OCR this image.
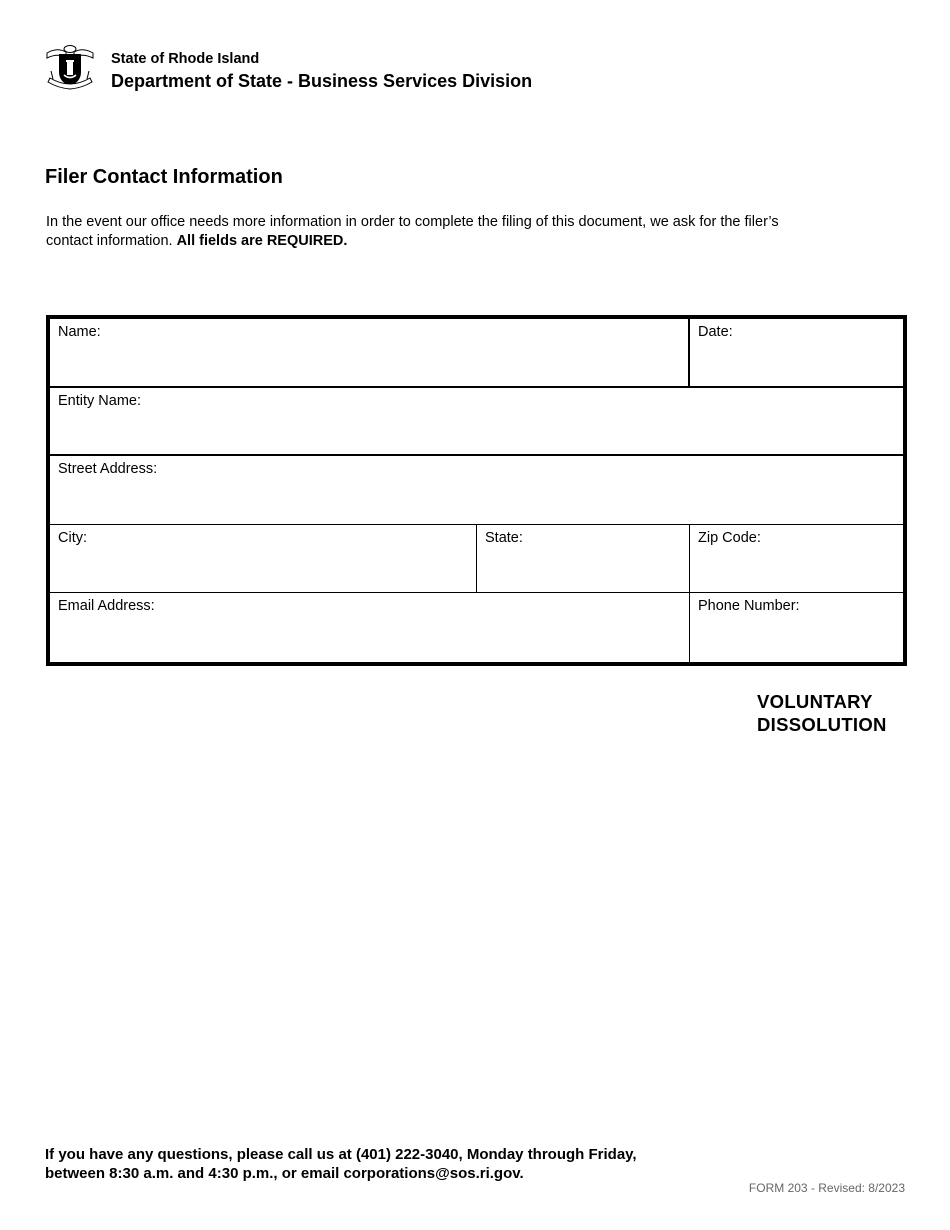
State of Rhode Island
Department of State - Business Services Division
Filer Contact Information
In the event our office needs more information in order to complete the filing of this document, we ask for the filer’s contact information. All fields are REQUIRED.
Name:	Date:
Entity Name:
Street Address:
City:	State:	Zip Code:
Email Address:	Phone Number:
VOLUNTARY
DISSOLUTION
If you have any questions, please call us at (401) 222-3040, Monday through Friday,
between 8:30 a.m. and 4:30 p.m., or email corporations@sos.ri.gov.
FORM 203 - Revised: 8/2023
